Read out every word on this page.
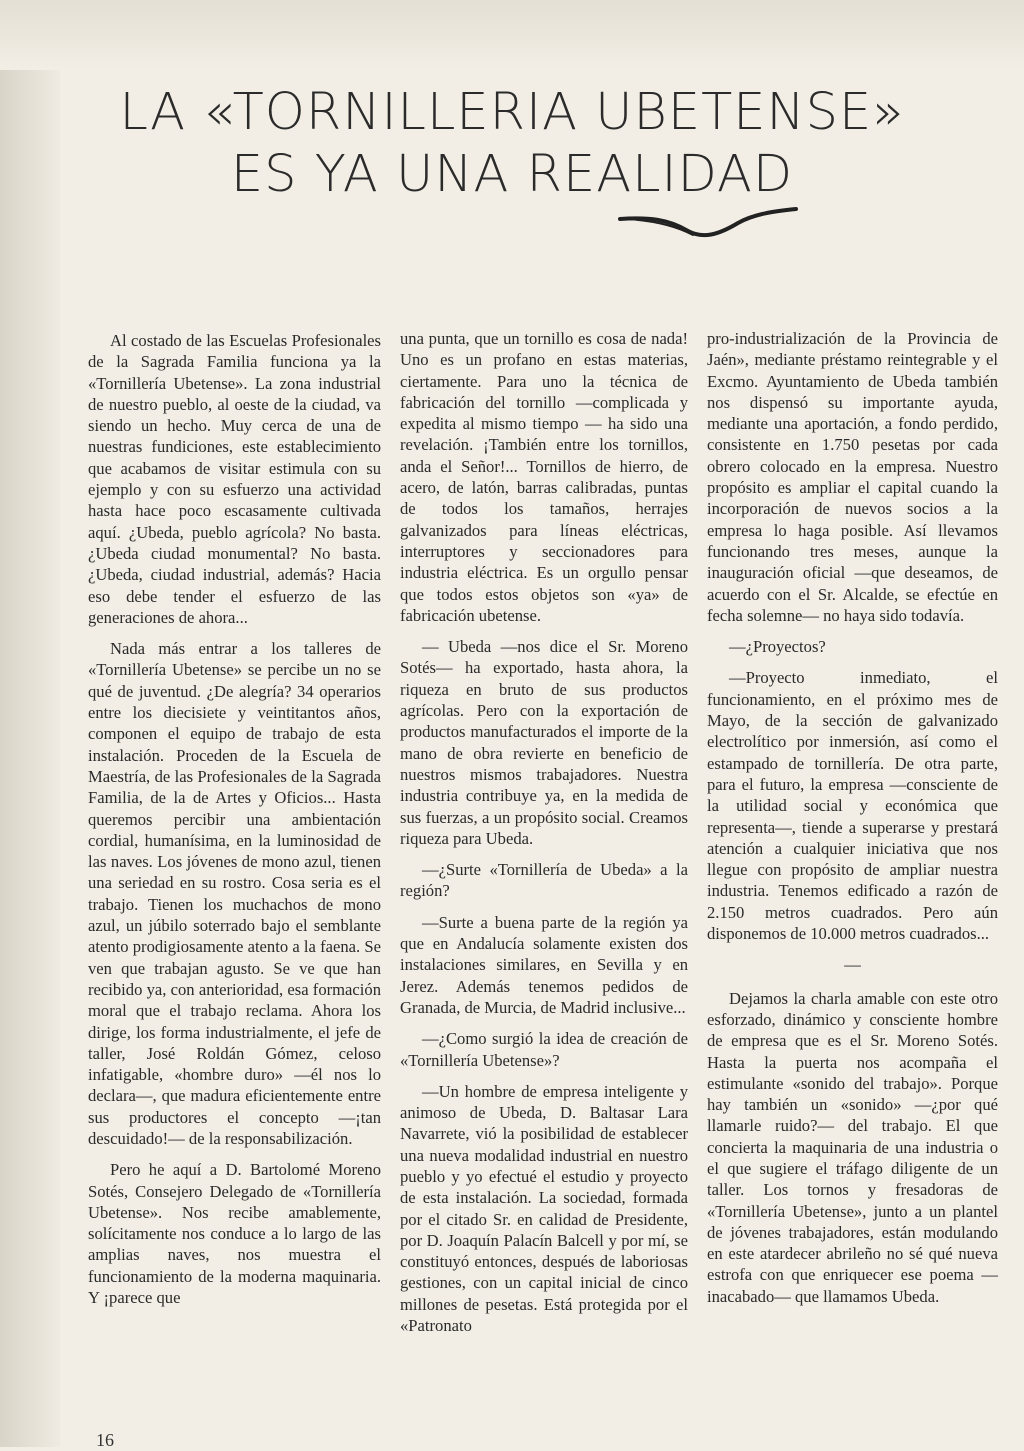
LA «TORNILLERIA UBETENSE»
ES YA UNA REALIDAD

Al costado de las Escuelas Profesionales de la Sagrada Familia funciona ya la «Tornillería Ubetense». La zona industrial de nuestro pueblo, al oeste de la ciudad, va siendo un hecho. Muy cerca de una de nuestras fundiciones, este establecimiento que acabamos de visitar estimula con su ejemplo y con su esfuerzo una actividad hasta hace poco escasamente cultivada aquí. ¿Ubeda, pueblo agrícola? No basta. ¿Ubeda ciudad monumental? No basta. ¿Ubeda, ciudad industrial, además? Hacia eso debe tender el esfuerzo de las generaciones de ahora...

Nada más entrar a los talleres de «Tornillería Ubetense» se percibe un no se qué de juventud. ¿De alegría? 34 operarios entre los diecisiete y veintitantos años, componen el equipo de trabajo de esta instalación. Proceden de la Escuela de Maestría, de las Profesionales de la Sagrada Familia, de la de Artes y Oficios... Hasta queremos percibir una ambientación cordial, humanísima, en la luminosidad de las naves. Los jóvenes de mono azul, tienen una seriedad en su rostro. Cosa seria es el trabajo. Tienen los muchachos de mono azul, un júbilo soterrado bajo el semblante atento prodigiosamente atento a la faena. Se ven que trabajan agusto. Se ve que han recibido ya, con anterioridad, esa formación moral que el trabajo reclama. Ahora los dirige, los forma industrialmente, el jefe de taller, José Roldán Gómez, celoso infatigable, «hombre duro» —él nos lo declara—, que madura eficientemente entre sus productores el concepto —¡tan descuidado!— de la responsabilización.

Pero he aquí a D. Bartolomé Moreno Sotés, Consejero Delegado de «Tornillería Ubetense». Nos recibe amablemente, solícitamente nos conduce a lo largo de las amplias naves, nos muestra el funcionamiento de la moderna maquinaria. Y ¡parece que

una punta, que un tornillo es cosa de nada! Uno es un profano en estas materias, ciertamente. Para uno la técnica de fabricación del tornillo —complicada y expedita al mismo tiempo — ha sido una revelación. ¡También entre los tornillos, anda el Señor!... Tornillos de hierro, de acero, de latón, barras calibradas, puntas de todos los tamaños, herrajes galvanizados para líneas eléctricas, interruptores y seccionadores para industria eléctrica. Es un orgullo pensar que todos estos objetos son «ya» de fabricación ubetense.

— Ubeda —nos dice el Sr. Moreno Sotés— ha exportado, hasta ahora, la riqueza en bruto de sus productos agrícolas. Pero con la exportación de productos manufacturados el importe de la mano de obra revierte en beneficio de nuestros mismos trabajadores. Nuestra industria contribuye ya, en la medida de sus fuerzas, a un propósito social. Creamos riqueza para Ubeda.

—¿Surte «Tornillería de Ubeda» a la región?

—Surte a buena parte de la región ya que en Andalucía solamente existen dos instalaciones similares, en Sevilla y en Jerez. Además tenemos pedidos de Granada, de Murcia, de Madrid inclusive...

—¿Como surgió la idea de creación de «Tornillería Ubetense»?

—Un hombre de empresa inteligente y animoso de Ubeda, D. Baltasar Lara Navarrete, vió la posibilidad de establecer una nueva modalidad industrial en nuestro pueblo y yo efectué el estudio y proyecto de esta instalación. La sociedad, formada por el citado Sr. en calidad de Presidente, por D. Joaquín Palacín Balcell y por mí, se constituyó entonces, después de laboriosas gestiones, con un capital inicial de cinco millones de pesetas. Está protegida por el «Patronato

pro-industrialización de la Provincia de Jaén», mediante préstamo reintegrable y el Excmo. Ayuntamiento de Ubeda también nos dispensó su importante ayuda, mediante una aportación, a fondo perdido, consistente en 1.750 pesetas por cada obrero colocado en la empresa. Nuestro propósito es ampliar el capital cuando la incorporación de nuevos socios a la empresa lo haga posible. Así llevamos funcionando tres meses, aunque la inauguración oficial —que deseamos, de acuerdo con el Sr. Alcalde, se efectúe en fecha solemne— no haya sido todavía.

—¿Proyectos?

—Proyecto inmediato, el funcionamiento, en el próximo mes de Mayo, de la sección de galvanizado electrolítico por inmersión, así como el estampado de tornillería. De otra parte, para el futuro, la empresa —consciente de la utilidad social y económica que representa—, tiende a superarse y prestará atención a cualquier iniciativa que nos llegue con propósito de ampliar nuestra industria. Tenemos edificado a razón de 2.150 metros cuadrados. Pero aún disponemos de 10.000 metros cuadrados...

—

Dejamos la charla amable con este otro esforzado, dinámico y consciente hombre de empresa que es el Sr. Moreno Sotés. Hasta la puerta nos acompaña el estimulante «sonido del trabajo». Porque hay también un «sonido» —¿por qué llamarle ruido?— del trabajo. El que concierta la maquinaria de una industria o el que sugiere el tráfago diligente de un taller. Los tornos y fresadoras de «Tornillería Ubetense», junto a un plantel de jóvenes trabajadores, están modulando en este atardecer abrileño no sé qué nueva estrofa con que enriquecer ese poema —inacabado— que llamamos Ubeda.

16
